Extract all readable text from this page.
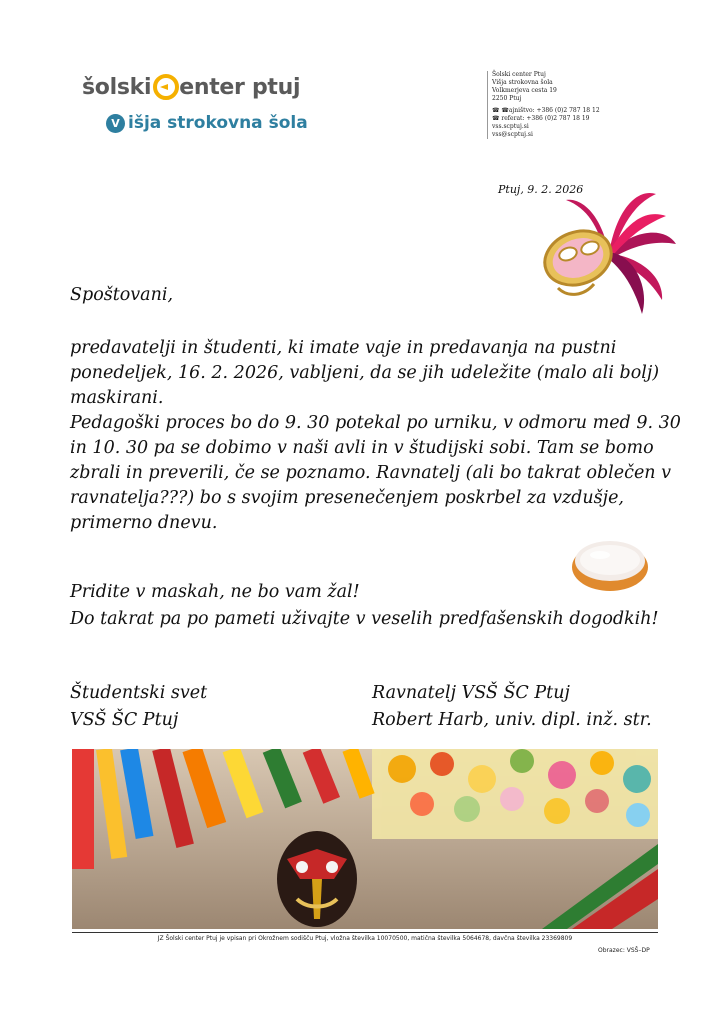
šolski enter ptuj
V išja strokovna šola
Šolski center Ptuj
Višja strokovna šola
Volkmerjeva cesta 19
2250 Ptuj
☎ ☎ajništvo: +386 (0)2 787 18 12
☎ referat: +386 (0)2 787 18 19
vss.scptuj.si
vss@scptuj.si
Ptuj, 9. 2. 2026
Spoštovani,
predavatelji in študenti, ki imate vaje in predavanja na pustni
ponedeljek, 16. 2. 2026, vabljeni, da se jih udeležite (malo ali bolj)
maskirani.
Pedagoški proces bo do 9. 30 potekal po urniku, v odmoru med 9. 30
in 10. 30 pa se dobimo v naši avli in v študijski sobi. Tam se bomo
zbrali in preverili, če se poznamo. Ravnatelj (ali bo takrat oblečen v
ravnatelja???) bo s svojim presenečenjem poskrbel za vzdušje,
primerno dnevu.
Pridite v maskah, ne bo vam žal!
Do takrat pa po pameti uživajte v veselih predfašenskih dogodkih!
Študentski svet
VSŠ ŠC Ptuj
Ravnatelj VSŠ ŠC Ptuj
Robert Harb, univ. dipl. inž. str.
JZ Šolski center Ptuj je vpisan pri Okrožnem sodišču Ptuj, vložna številka 10070500, matična številka 5064678, davčna številka 23369809
Obrazec: VSŠ–DP
